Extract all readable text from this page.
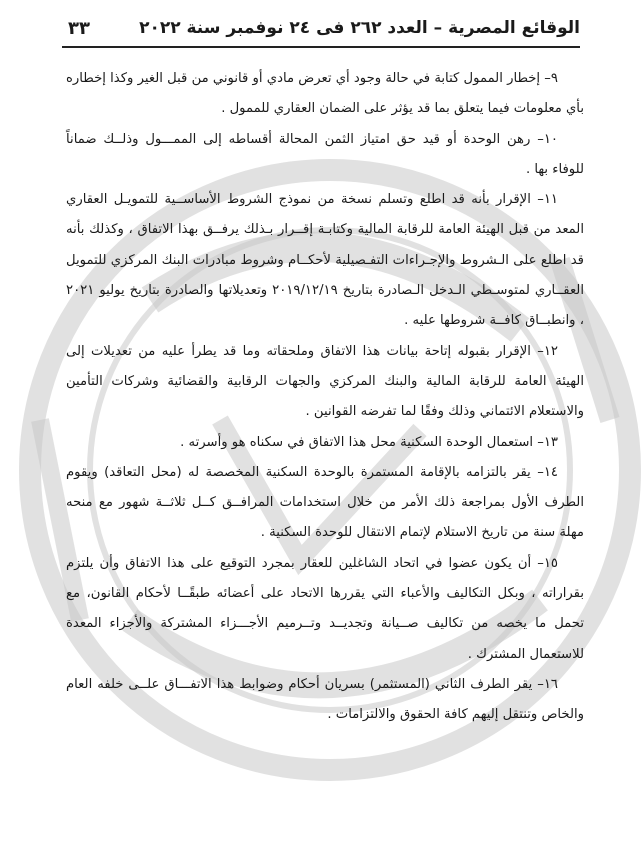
الوقائع المصرية – العدد ٢٦٢ فى ٢٤ نوفمبر سنة ٢٠٢٢
٣٣

٩– إخطار الممول كتابة في حالة وجود أي تعرض مادي أو قانوني من قبل الغير وكذا إخطاره بأي معلومات فيما يتعلق بما قد يؤثر على الضمان العقاري للممول .

١٠– رهن الوحدة أو قيد حق امتياز الثمن المحالة أقساطه إلى الممـــول وذلــك ضماناً للوفاء بها .

١١– الإقرار بأنه قد اطلع وتسلم نسخة من نموذج الشروط الأساســية للتمويـل العقاري المعد من قبل الهيئة العامة للرقابة المالية وكتابـة إقــرار بـذلك يرفــق بهذا الاتفاق ، وكذلك بأنه قد اطلع على الـشروط والإجـراءات التفـصيلية لأحكــام وشروط مبادرات البنك المركزي للتمويل العقــاري لمتوسـطي الـدخل الـصادرة بتاريخ ٢٠١٩/١٢/١٩ وتعديلاتها والصادرة بتاريخ يوليو ٢٠٢١ ، وانطبــاق كافــة شروطها عليه .

١٢– الإقرار بقبوله إتاحة بيانات هذا الاتفاق وملحقاته وما قد يطرأ عليه من تعديلات إلى الهيئة العامة للرقابة المالية والبنك المركزي والجهات الرقابية والقضائية وشركات التأمين والاستعلام الائتماني وذلك وفقًا لما تفرضه القوانين .

١٣– استعمال الوحدة السكنية محل هذا الاتفاق في سكناه هو وأسرته .

١٤– يقر بالتزامه بالإقامة المستمرة بالوحدة السكنية المخصصة له (محل التعاقد) ويقوم الطرف الأول بمراجعة ذلك الأمر من خلال استخدامات المرافــق كــل ثلاثــة شهور مع منحه مهلة سنة من تاريخ الاستلام لإتمام الانتقال للوحدة السكنية .

١٥– أن يكون عضوا في اتحاد الشاغلين للعقار بمجرد التوقيع على هذا الاتفاق وأن يلتزم بقراراته ، وبكل التكاليف والأعباء التي يقررها الاتحاد على أعضائه طبقًــا لأحكام القانون، مع تحمل ما يخصه من تكاليف صــيانة وتجديــد وتــرميم الأجـــزاء المشتركة والأجزاء المعدة للاستعمال المشترك .

١٦– يقر الطرف الثاني (المستثمر) بسريان أحكام وضوابط هذا الاتفـــاق علــى خلفه العام والخاص وتنتقل إليهم كافة الحقوق والالتزامات .
